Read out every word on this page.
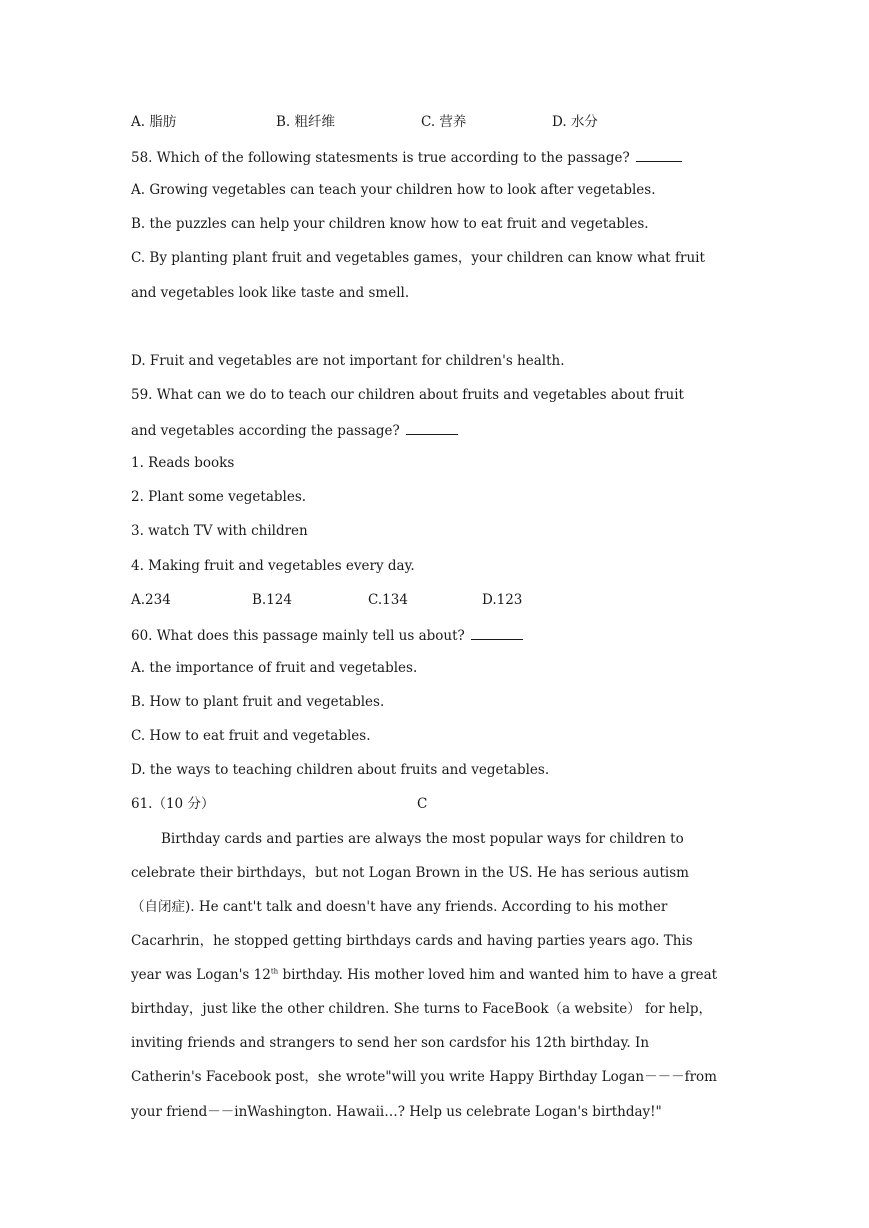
A. 脂肪	B. 粗纤维	C. 营养	D. 水分
58. Which of the following statesments is true according to the passage?
A. Growing vegetables can teach your children how to look after vegetables.
B. the puzzles can help your children know how to eat fruit and vegetables.
C. By planting plant fruit and vegetables games，your children can know what fruit
and vegetables look like taste and smell.
D. Fruit and vegetables are not important for children's health.
59. What can we do to teach our children about fruits and vegetables about fruit
and vegetables according the passage?
1. Reads books
2. Plant some vegetables.
3. watch TV with children
4. Making fruit and vegetables every day.
A.234	B.124	C.134	D.123
60. What does this passage mainly tell us about?
A. the importance of fruit and vegetables.
B. How to plant fruit and vegetables.
C. How to eat fruit and vegetables.
D. the ways to teaching children about fruits and vegetables.
61.（10 分）	C
Birthday cards and parties are always the most popular ways for children to
celebrate their birthdays，but not Logan Brown in the US. He has serious autism
（自闭症). He cant't talk and doesn't have any friends. According to his mother
Cacarhrin，he stopped getting birthdays cards and having parties years ago. This
year was Logan's 12th birthday. His mother loved him and wanted him to have a great
birthday，just like the other children. She turns to FaceBook（a website） for help，
inviting friends and strangers to send her son cardsfor his 12th birthday. In
Catherin's Facebook post，she wrote"will you write Happy Birthday Logan－－－from
your friend－－inWashington. Hawaii…? Help us celebrate Logan's birthday!"
